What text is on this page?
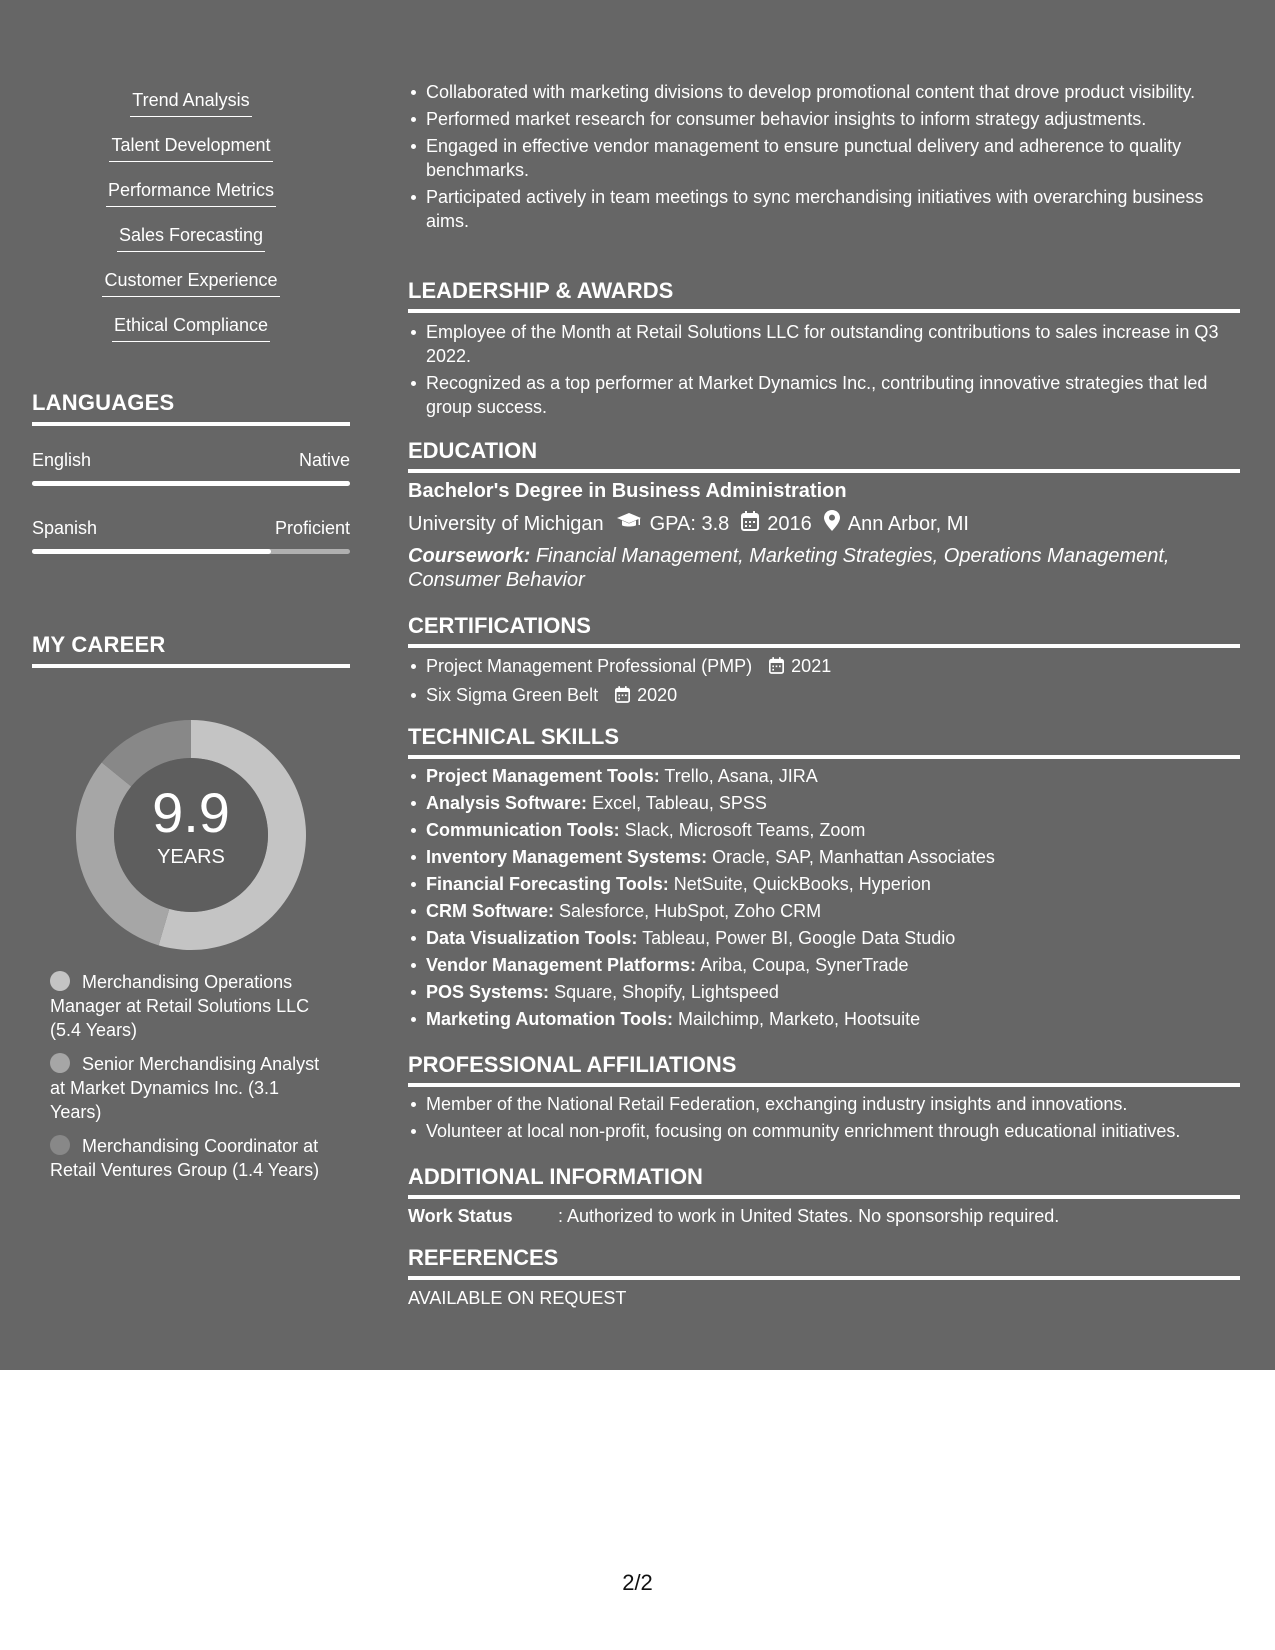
Trend Analysis
Talent Development
Performance Metrics
Sales Forecasting
Customer Experience
Ethical Compliance
LANGUAGES
English	Native
Spanish	Proficient
MY CAREER
9.9
YEARS
Merchandising Operations Manager at Retail Solutions LLC (5.4 Years)
Senior Merchandising Analyst at Market Dynamics Inc. (3.1 Years)
Merchandising Coordinator at Retail Ventures Group (1.4 Years)
Collaborated with marketing divisions to develop promotional content that drove product visibility.
Performed market research for consumer behavior insights to inform strategy adjustments.
Engaged in effective vendor management to ensure punctual delivery and adherence to quality benchmarks.
Participated actively in team meetings to sync merchandising initiatives with overarching business aims.
LEADERSHIP & AWARDS
Employee of the Month at Retail Solutions LLC for outstanding contributions to sales increase in Q3 2022.
Recognized as a top performer at Market Dynamics Inc., contributing innovative strategies that led group success.
EDUCATION
Bachelor's Degree in Business Administration
University of Michigan GPA: 3.8 2016 Ann Arbor, MI
Coursework: Financial Management, Marketing Strategies, Operations Management, Consumer Behavior
CERTIFICATIONS
Project Management Professional (PMP) 2021
Six Sigma Green Belt 2020
TECHNICAL SKILLS
Project Management Tools: Trello, Asana, JIRA
Analysis Software: Excel, Tableau, SPSS
Communication Tools: Slack, Microsoft Teams, Zoom
Inventory Management Systems: Oracle, SAP, Manhattan Associates
Financial Forecasting Tools: NetSuite, QuickBooks, Hyperion
CRM Software: Salesforce, HubSpot, Zoho CRM
Data Visualization Tools: Tableau, Power BI, Google Data Studio
Vendor Management Platforms: Ariba, Coupa, SynerTrade
POS Systems: Square, Shopify, Lightspeed
Marketing Automation Tools: Mailchimp, Marketo, Hootsuite
PROFESSIONAL AFFILIATIONS
Member of the National Retail Federation, exchanging industry insights and innovations.
Volunteer at local non-profit, focusing on community enrichment through educational initiatives.
ADDITIONAL INFORMATION
Work Status	: Authorized to work in United States. No sponsorship required.
REFERENCES
AVAILABLE ON REQUEST
2/2
